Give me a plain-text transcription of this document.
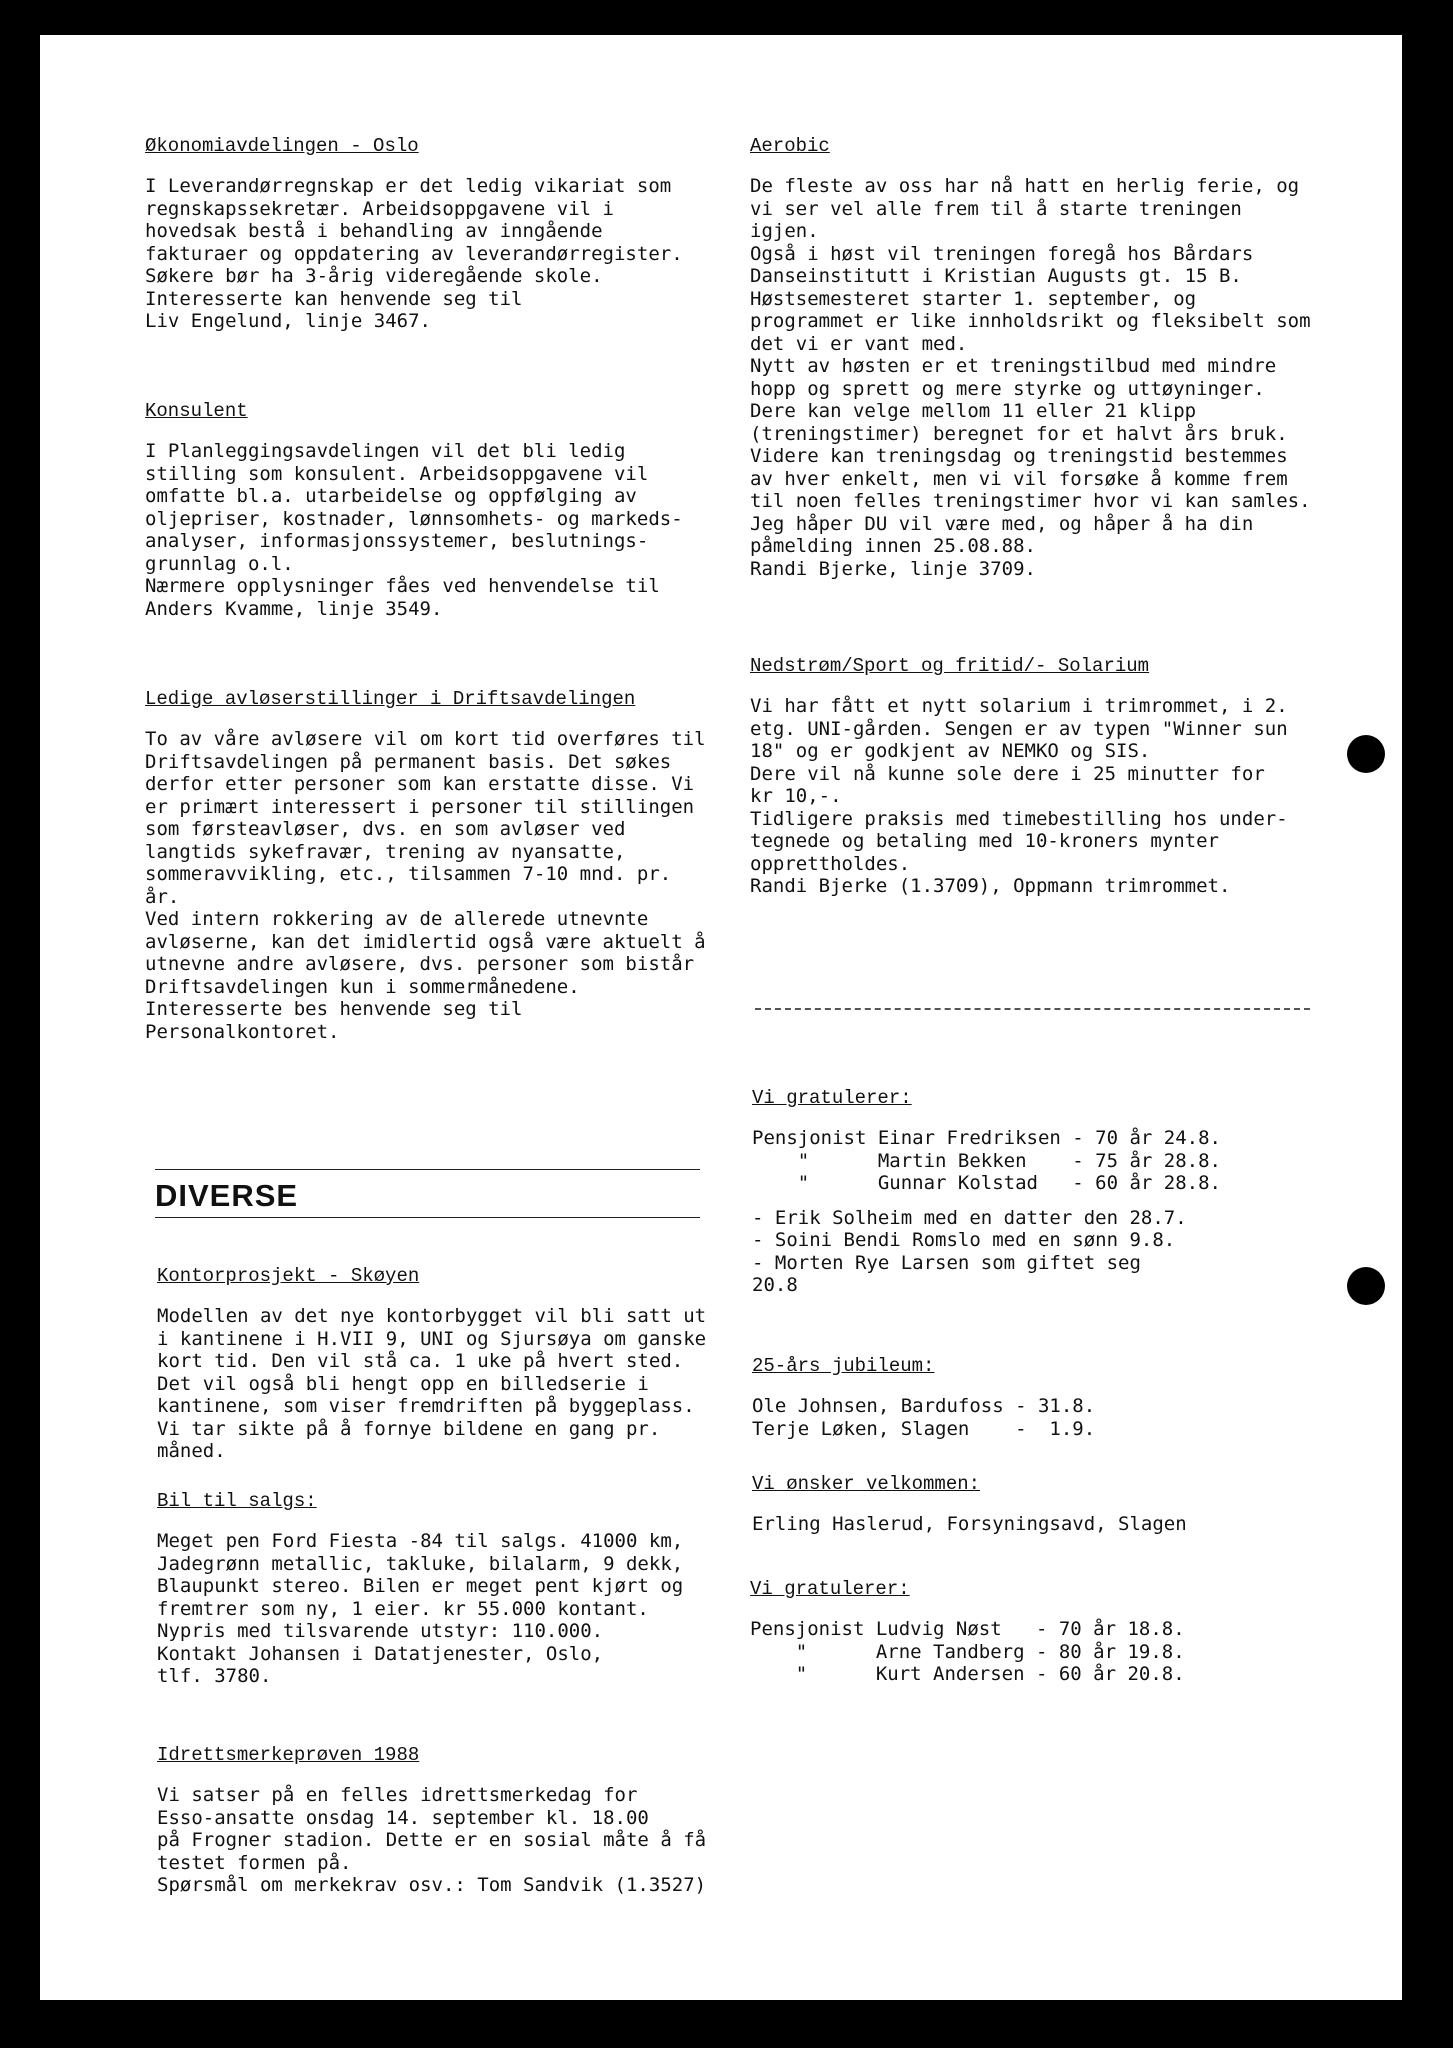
Økonomiavdelingen - Oslo
I Leverandørregnskap er det ledig vikariat som
regnskapssekretær. Arbeidsoppgavene vil i
hovedsak bestå i behandling av inngående
fakturaer og oppdatering av leverandørregister.
Søkere bør ha 3-årig videregående skole.
Interesserte kan henvende seg til
Liv Engelund, linje 3467.
Konsulent
I Planleggingsavdelingen vil det bli ledig
stilling som konsulent. Arbeidsoppgavene vil
omfatte bl.a. utarbeidelse og oppfølging av
oljepriser, kostnader, lønnsomhets- og markeds-
analyser, informasjonssystemer, beslutnings-
grunnlag o.l.
Nærmere opplysninger fåes ved henvendelse til
Anders Kvamme, linje 3549.
Ledige avløserstillinger i Driftsavdelingen
To av våre avløsere vil om kort tid overføres til
Driftsavdelingen på permanent basis. Det søkes
derfor etter personer som kan erstatte disse. Vi
er primært interessert i personer til stillingen
som førsteavløser, dvs. en som avløser ved
langtids sykefravær, trening av nyansatte,
sommeravvikling, etc., tilsammen 7-10 mnd. pr.
år.
Ved intern rokkering av de allerede utnevnte
avløserne, kan det imidlertid også være aktuelt å
utnevne andre avløsere, dvs. personer som bistår
Driftsavdelingen kun i sommermånedene.
Interesserte bes henvende seg til
Personalkontoret.
DIVERSE
Kontorprosjekt - Skøyen
Modellen av det nye kontorbygget vil bli satt ut
i kantinene i H.VII 9, UNI og Sjursøya om ganske
kort tid. Den vil stå ca. 1 uke på hvert sted.
Det vil også bli hengt opp en billedserie i
kantinene, som viser fremdriften på byggeplass.
Vi tar sikte på å fornye bildene en gang pr.
måned.
Bil til salgs:
Meget pen Ford Fiesta -84 til salgs. 41000 km,
Jadegrønn metallic, takluke, bilalarm, 9 dekk,
Blaupunkt stereo. Bilen er meget pent kjørt og
fremtrer som ny, 1 eier. kr 55.000 kontant.
Nypris med tilsvarende utstyr: 110.000.
Kontakt Johansen i Datatjenester, Oslo,
tlf. 3780.
Idrettsmerkeprøven 1988
Vi satser på en felles idrettsmerkedag for
Esso-ansatte onsdag 14. september kl. 18.00
på Frogner stadion. Dette er en sosial måte å få
testet formen på.
Spørsmål om merkekrav osv.: Tom Sandvik (1.3527)
Aerobic
De fleste av oss har nå hatt en herlig ferie, og
vi ser vel alle frem til å starte treningen
igjen.
Også i høst vil treningen foregå hos Bårdars
Danseinstitutt i Kristian Augusts gt. 15 B.
Høstsemesteret starter 1. september, og
programmet er like innholdsrikt og fleksibelt som
det vi er vant med.
Nytt av høsten er et treningstilbud med mindre
hopp og sprett og mere styrke og uttøyninger.
Dere kan velge mellom 11 eller 21 klipp
(treningstimer) beregnet for et halvt års bruk.
Videre kan treningsdag og treningstid bestemmes
av hver enkelt, men vi vil forsøke å komme frem
til noen felles treningstimer hvor vi kan samles.
Jeg håper DU vil være med, og håper å ha din
påmelding innen 25.08.88.
Randi Bjerke, linje 3709.
Nedstrøm/Sport og fritid/- Solarium
Vi har fått et nytt solarium i trimrommet, i 2.
etg. UNI-gården. Sengen er av typen "Winner sun
18" og er godkjent av NEMKO og SIS.
Dere vil nå kunne sole dere i 25 minutter for
kr 10,-.
Tidligere praksis med timebestilling hos under-
tegnede og betaling med 10-kroners mynter
opprettholdes.
Randi Bjerke (1.3709), Oppmann trimrommet.
Vi gratulerer:
Pensjonist Einar Fredriksen - 70 år 24.8.
"      Martin Bekken    - 75 år 28.8.
"      Gunnar Kolstad   - 60 år 28.8.
- Erik Solheim med en datter den 28.7.
- Soini Bendi Romslo med en sønn 9.8.
- Morten Rye Larsen som giftet seg
20.8
25-års jubileum:
Ole Johnsen, Bardufoss - 31.8.
Terje Løken, Slagen    -  1.9.
Vi ønsker velkommen:
Erling Haslerud, Forsyningsavd, Slagen
Vi gratulerer:
Pensjonist Ludvig Nøst   - 70 år 18.8.
"      Arne Tandberg - 80 år 19.8.
"      Kurt Andersen - 60 år 20.8.
